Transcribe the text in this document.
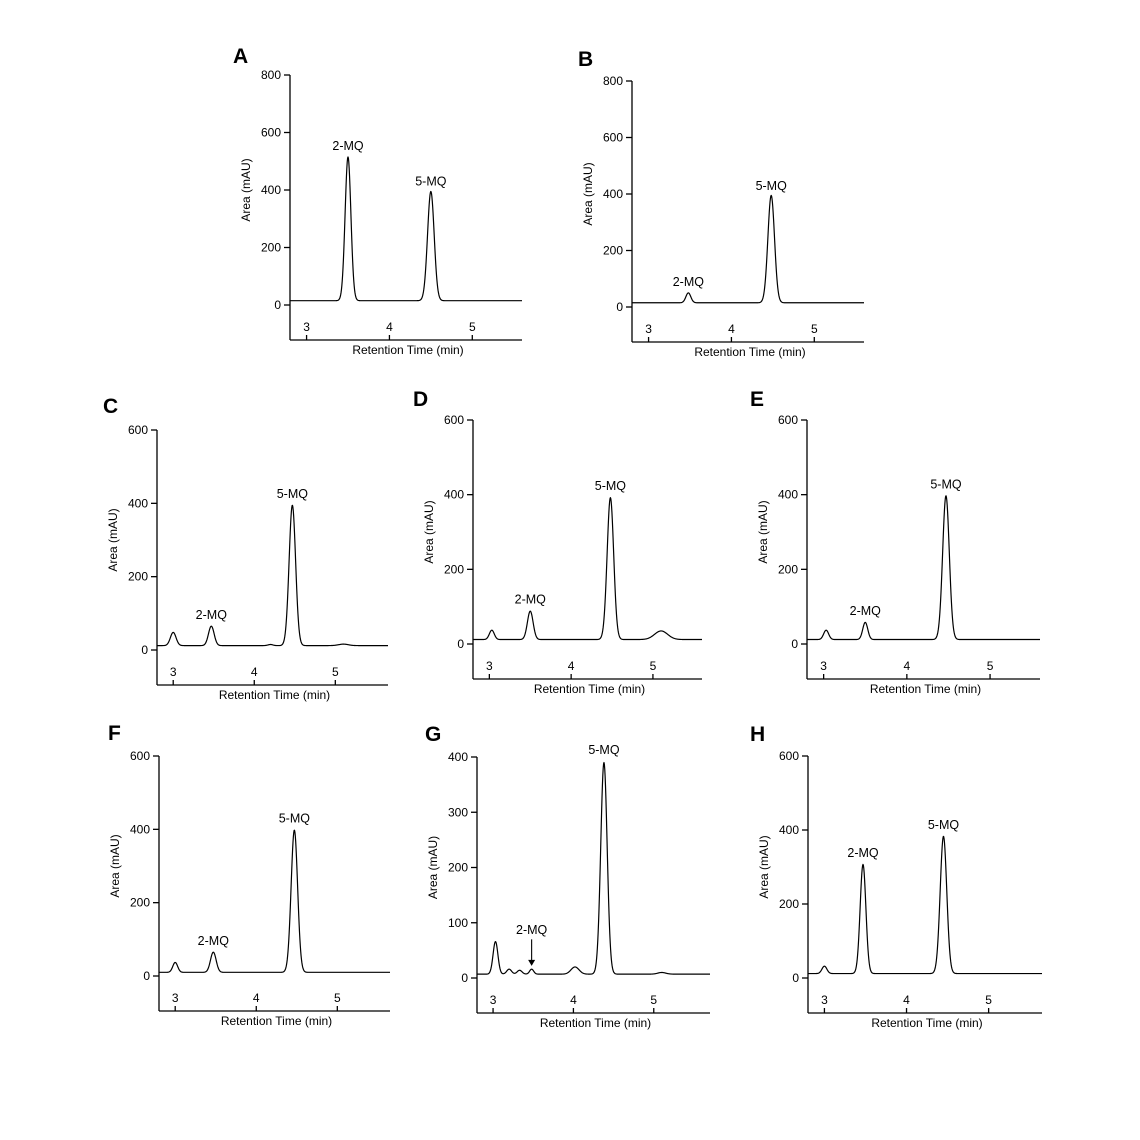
A
0
200
400
600
800
3	4	5
Retention Time (min)
Area (mAU)
2-MQ
5-MQ
B
0
200
400
600
800
3	4	5
Retention Time (min)
Area (mAU)
2-MQ
5-MQ
C
0
200
400
600
3	4	5
Retention Time (min)
Area (mAU)
2-MQ
5-MQ
D
0
200
400
600
3	4	5
Retention Time (min)
Area (mAU)
2-MQ
5-MQ
E
0
200
400
600
3	4	5
Retention Time (min)
Area (mAU)
2-MQ
5-MQ
F
0
200
400
600
3	4	5
Retention Time (min)
Area (mAU)
2-MQ
5-MQ
G
0
100
200
300
400
3	4	5
Retention Time (min)
Area (mAU)
2-MQ
5-MQ
H
0
200
400
600
3	4	5
Retention Time (min)
Area (mAU)	2-MQ
5-MQ
